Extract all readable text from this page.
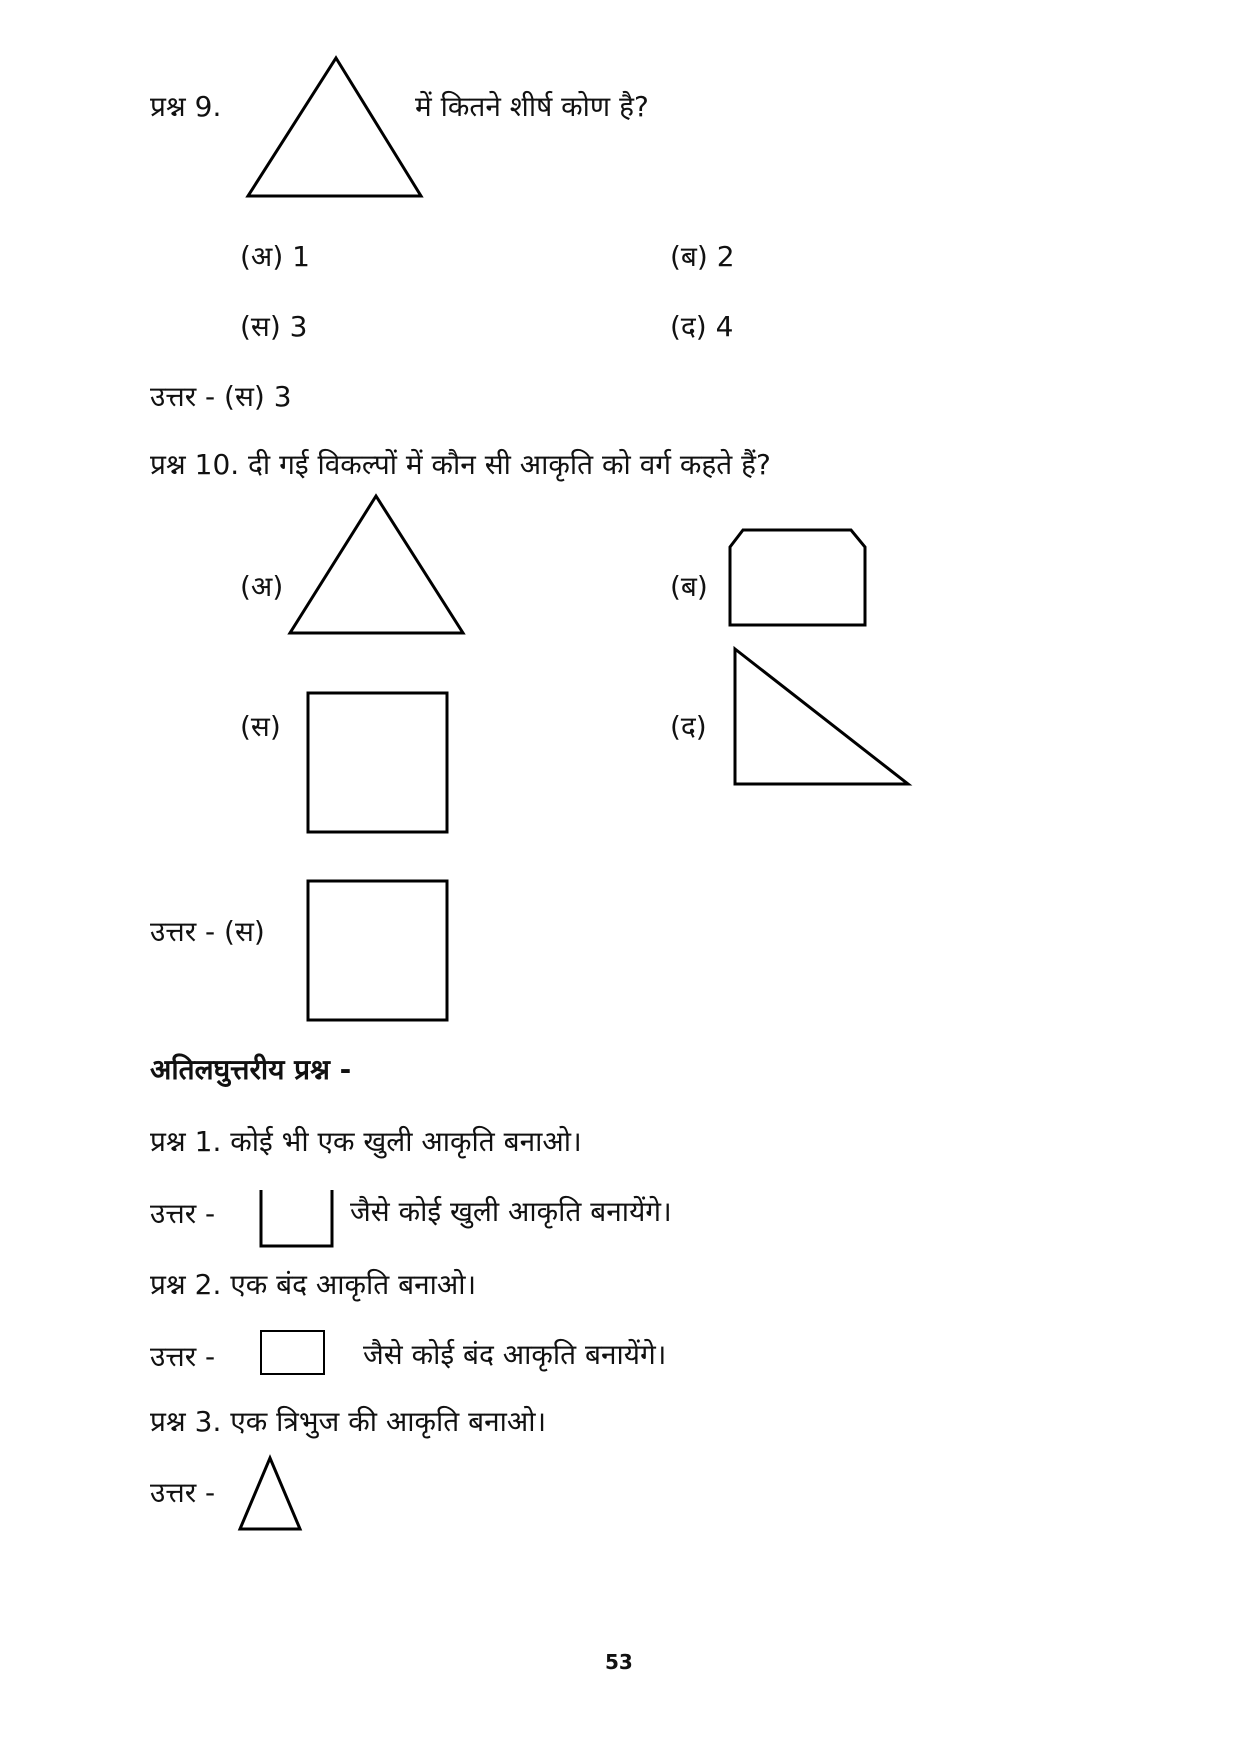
प्रश्न 9.	में कितने शीर्ष कोण है?
(अ) 1	(ब) 2
(स) 3	(द) 4
उत्तर - (स) 3
प्रश्न 10. दी गई विकल्पों में कौन सी आकृति को वर्ग कहते हैं?
(अ)	(ब)
(स)	(द)
उत्तर - (स)
अतिलघुत्तरीय प्रश्न -
प्रश्न 1. कोई भी एक खुली आकृति बनाओ।
उत्तर -	जैसे कोई खुली आकृति बनायेंगे।
प्रश्न 2. एक बंद आकृति बनाओ।
उत्तर -	जैसे कोई बंद आकृति बनायेंगे।
प्रश्न 3. एक त्रिभुज की आकृति बनाओ।
उत्तर -
53
